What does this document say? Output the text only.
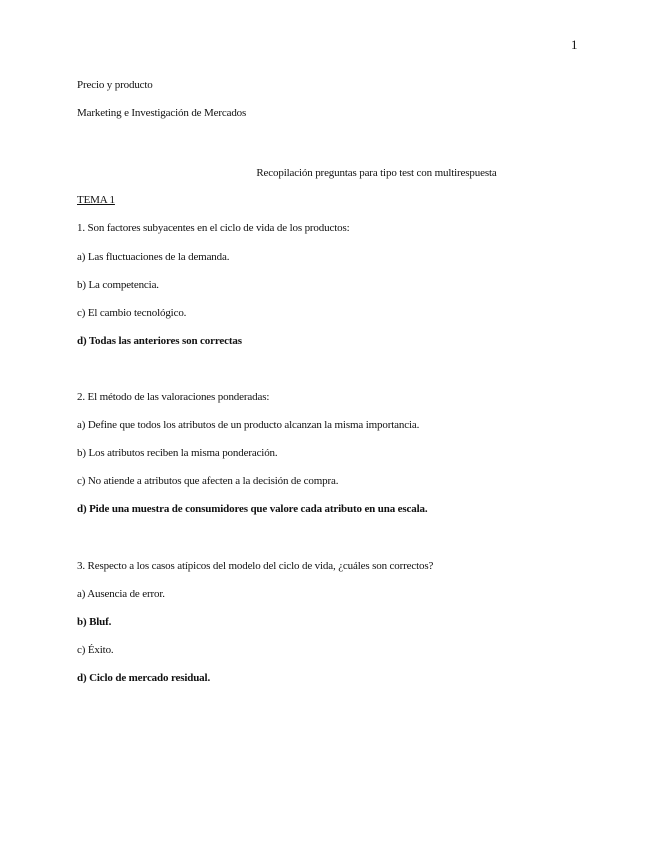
1
Precio y producto
Marketing e Investigación de Mercados
Recopilación preguntas para tipo test con multirespuesta
TEMA 1
1. Son factores subyacentes en el ciclo de vida de los productos:
a) Las fluctuaciones de la demanda.
b) La competencia.
c) El cambio tecnológico.
d) Todas las anteriores son correctas
2. El método de las valoraciones ponderadas:
a) Define que todos los atributos de un producto alcanzan la misma importancia.
b) Los atributos reciben la misma ponderación.
c) No atiende a atributos que afecten a la decisión de compra.
d) Pide una muestra de consumidores que valore cada atributo en una escala.
3. Respecto a los casos atípicos del modelo del ciclo de vida, ¿cuáles son correctos?
a) Ausencia de error.
b) Bluf.
c) Éxito.
d) Ciclo de mercado residual.
